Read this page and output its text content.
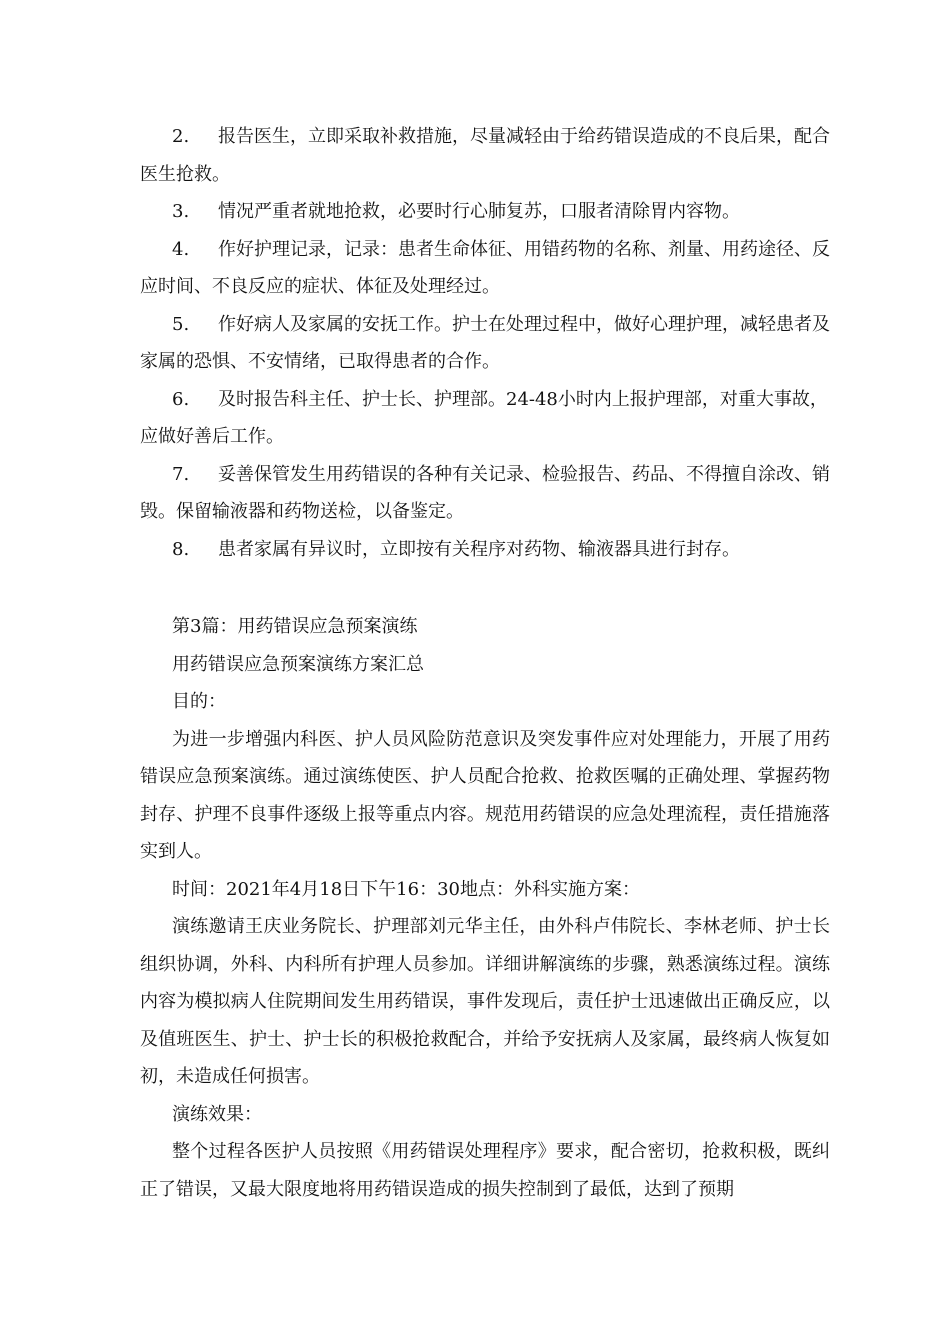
2. 报告医生，立即采取补救措施，尽量减轻由于给药错误造成的不良后果，配合医生抢救。

3. 情况严重者就地抢救，必要时行心肺复苏，口服者清除胃内容物。

4. 作好护理记录，记录：患者生命体征、用错药物的名称、剂量、用药途径、反应时间、不良反应的症状、体征及处理经过。

5. 作好病人及家属的安抚工作。护士在处理过程中，做好心理护理，减轻患者及家属的恐惧、不安情绪，已取得患者的合作。

6. 及时报告科主任、护士长、护理部。24-48小时内上报护理部，对重大事故，应做好善后工作。

7. 妥善保管发生用药错误的各种有关记录、检验报告、药品、不得擅自涂改、销毁。保留输液器和药物送检，以备鉴定。

8. 患者家属有异议时，立即按有关程序对药物、输液器具进行封存。

第3篇：用药错误应急预案演练

用药错误应急预案演练方案汇总

目的：

为进一步增强内科医、护人员风险防范意识及突发事件应对处理能力，开展了用药错误应急预案演练。通过演练使医、护人员配合抢救、抢救医嘱的正确处理、掌握药物封存、护理不良事件逐级上报等重点内容。规范用药错误的应急处理流程，责任措施落实到人。

时间：2021年4月18日下午16：30地点：外科实施方案：

演练邀请王庆业务院长、护理部刘元华主任，由外科卢伟院长、李林老师、护士长组织协调，外科、内科所有护理人员参加。详细讲解演练的步骤，熟悉演练过程。演练内容为模拟病人住院期间发生用药错误，事件发现后，责任护士迅速做出正确反应，以及值班医生、护士、护士长的积极抢救配合，并给予安抚病人及家属，最终病人恢复如初，未造成任何损害。

演练效果：

整个过程各医护人员按照《用药错误处理程序》要求，配合密切，抢救积极，既纠正了错误，又最大限度地将用药错误造成的损失控制到了最低，达到了预期
